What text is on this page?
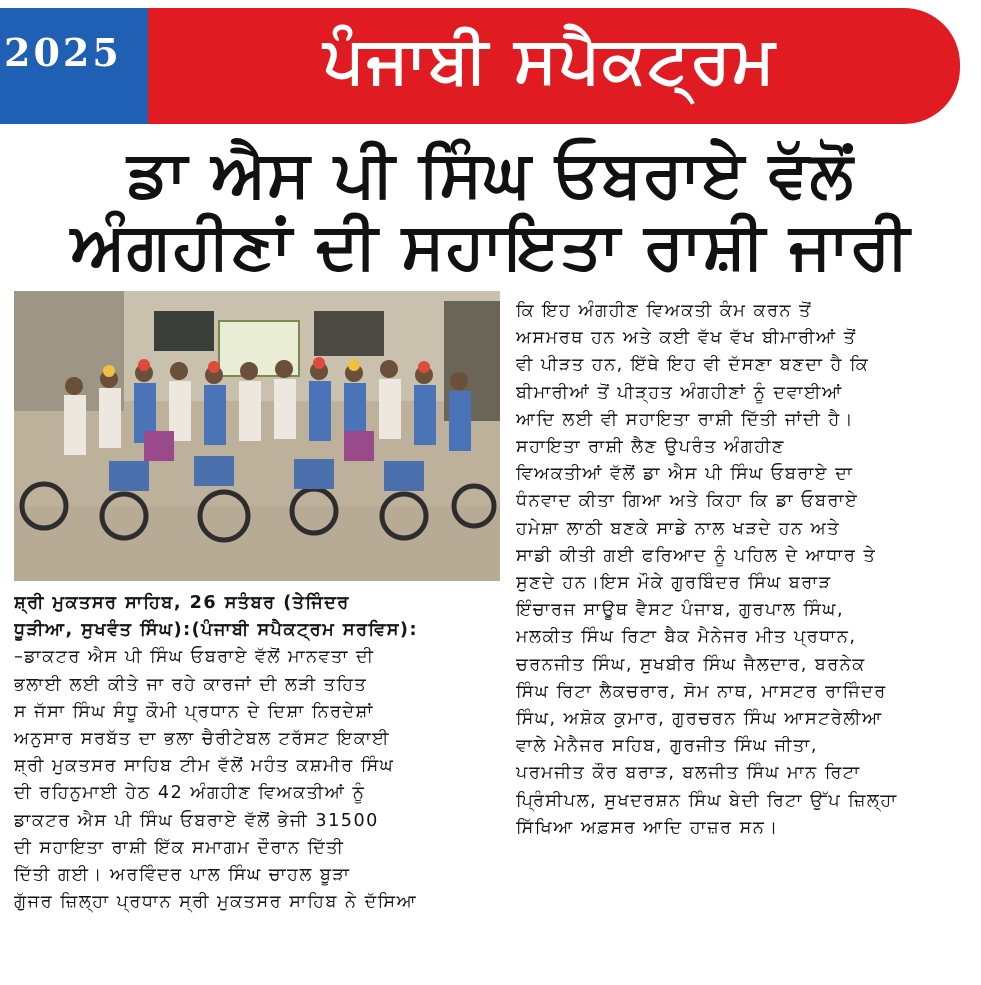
2025	ਪੰਜਾਬੀ ਸਪੈਕਟ੍ਰਮ
ਡਾ ਐਸ ਪੀ ਸਿੰਘ ਓਬਰਾਏ ਵੱਲੋਂ
ਅੰਗਹੀਣਾਂ ਦੀ ਸਹਾਇਤਾ ਰਾਸ਼ੀ ਜਾਰੀ
ਸ਼੍ਰੀ ਮੁਕਤਸਰ ਸਾਹਿਬ, 26 ਸਤੰਬਰ (ਤੇਜਿੰਦਰ
ਧੂੜੀਆ, ਸੁਖਵੰਤ ਸਿੰਘ):(ਪੰਜਾਬੀ ਸਪੈਕਟ੍ਰਮ ਸਰਵਿਸ):
–ਡਾਕਟਰ ਐਸ ਪੀ ਸਿੰਘ ਓਬਰਾਏ ਵੱਲੋਂ ਮਾਨਵਤਾ ਦੀ
ਭਲਾਈ ਲਈ ਕੀਤੇ ਜਾ ਰਹੇ ਕਾਰਜਾਂ ਦੀ ਲੜੀ ਤਹਿਤ
ਸ ਜੱਸਾ ਸਿੰਘ ਸੰਧੂ ਕੌਮੀ ਪ੍ਰਧਾਨ ਦੇ ਦਿਸ਼ਾ ਨਿਰਦੇਸ਼ਾਂ
ਅਨੁਸਾਰ ਸਰਬੱਤ ਦਾ ਭਲਾ ਚੈਰੀਟੇਬਲ ਟਰੱਸਟ ਇਕਾਈ
ਸ਼੍ਰੀ ਮੁਕਤਸਰ ਸਾਹਿਬ ਟੀਮ ਵੱਲੋਂ ਮਹੰਤ ਕਸ਼ਮੀਰ ਸਿੰਘ
ਦੀ ਰਹਿਨੁਮਾਈ ਹੇਠ 42 ਅੰਗਹੀਣ ਵਿਅਕਤੀਆਂ ਨੂੰ
ਡਾਕਟਰ ਐਸ ਪੀ ਸਿੰਘ ਓਬਰਾਏ ਵੱਲੋਂ ਭੇਜੀ 31500
ਦੀ ਸਹਾਇਤਾ ਰਾਸ਼ੀ ਇੱਕ ਸਮਾਗਮ ਦੌਰਾਨ ਦਿੱਤੀ
ਦਿੱਤੀ ਗਈ। ਅਰਵਿੰਦਰ ਪਾਲ ਸਿੰਘ ਚਾਹਲ ਬੂੜਾ
ਗੁੱਜਰ ਜ਼ਿਲ੍ਹਾ ਪ੍ਰਧਾਨ ਸ੍ਰੀ ਮੁਕਤਸਰ ਸਾਹਿਬ ਨੇ ਦੱਸਿਆ
ਕਿ ਇਹ ਅੰਗਹੀਣ ਵਿਅਕਤੀ ਕੰਮ ਕਰਨ ਤੋਂ
ਅਸਮਰਥ ਹਨ ਅਤੇ ਕਈ ਵੱਖ ਵੱਖ ਬੀਮਾਰੀਆਂ ਤੋਂ
ਵੀ ਪੀੜਤ ਹਨ, ਇੱਥੇ ਇਹ ਵੀ ਦੱਸਣਾ ਬਣਦਾ ਹੈ ਕਿ
ਬੀਮਾਰੀਆਂ ਤੋਂ ਪੀੜ੍ਹਤ ਅੰਗਹੀਣਾਂ ਨੂੰ ਦਵਾਈਆਂ
ਆਦਿ ਲਈ ਵੀ ਸਹਾਇਤਾ ਰਾਸ਼ੀ ਦਿੱਤੀ ਜਾਂਦੀ ਹੈ।
ਸਹਾਇਤਾ ਰਾਸ਼ੀ ਲੈਣ ਉਪਰੰਤ ਅੰਗਹੀਣ
ਵਿਅਕਤੀਆਂ ਵੱਲੋਂ ਡਾ ਐਸ ਪੀ ਸਿੰਘ ਓਬਰਾਏ ਦਾ
ਧੰਨਵਾਦ ਕੀਤਾ ਗਿਆ ਅਤੇ ਕਿਹਾ ਕਿ ਡਾ ਓਬਰਾਏ
ਹਮੇਸ਼ਾ ਲਾਠੀ ਬਣਕੇ ਸਾਡੇ ਨਾਲ ਖੜਦੇ ਹਨ ਅਤੇ
ਸਾਡੀ ਕੀਤੀ ਗਈ ਫਰਿਆਦ ਨੂੰ ਪਹਿਲ ਦੇ ਆਧਾਰ ਤੇ
ਸੁਣਦੇ ਹਨ।ਇਸ ਮੌਕੇ ਗੁਰਬਿੰਦਰ ਸਿੰਘ ਬਰਾੜ
ਇੰਚਾਰਜ ਸਾਊਥ ਵੈਸਟ ਪੰਜਾਬ, ਗੁਰਪਾਲ ਸਿੰਘ,
ਮਲਕੀਤ ਸਿੰਘ ਰਿਟਾ ਬੈਕ ਮੈਨੇਜਰ ਮੀਤ ਪ੍ਰਧਾਨ,
ਚਰਨਜੀਤ ਸਿੰਘ, ਸੁਖਬੀਰ ਸਿੰਘ ਜੈਲਦਾਰ, ਬਰਨੇਕ
ਸਿੰਘ ਰਿਟਾ ਲੈਕਚਰਾਰ, ਸੋਮ ਨਾਥ, ਮਾਸਟਰ ਰਾਜਿੰਦਰ
ਸਿੰਘ, ਅਸ਼ੋਕ ਕੁਮਾਰ, ਗੁਰਚਰਨ ਸਿੰਘ ਆਸਟਰੇਲੀਆ
ਵਾਲੇ ਮੇਨੈਜਰ ਸਹਿਬ, ਗੁਰਜੀਤ ਸਿੰਘ ਜੀਤਾ,
ਪਰਮਜੀਤ ਕੌਰ ਬਰਾੜ, ਬਲਜੀਤ ਸਿੰਘ ਮਾਨ ਰਿਟਾ
ਪ੍ਰਿੰਸੀਪਲ, ਸੁਖਦਰਸ਼ਨ ਸਿੰਘ ਬੇਦੀ ਰਿਟਾ ਉੱਪ ਜ਼ਿਲ੍ਹਾ
ਸਿੱਖਿਆ ਅਫ਼ਸਰ ਆਦਿ ਹਾਜ਼ਰ ਸਨ।
